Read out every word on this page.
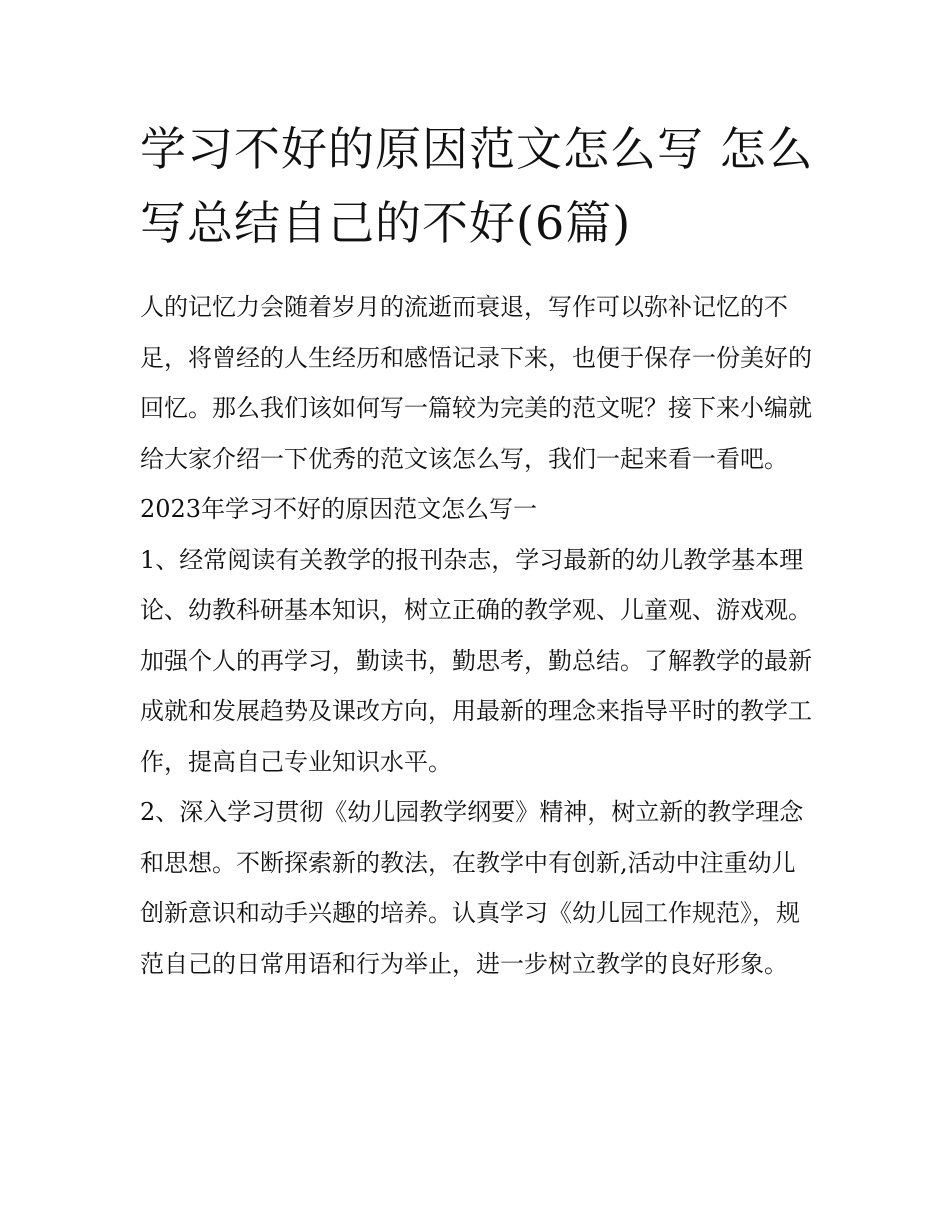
学习不好的原因范文怎么写 怎么写总结自己的不好(6篇)

人的记忆力会随着岁月的流逝而衰退，写作可以弥补记忆的不足，将曾经的人生经历和感悟记录下来，也便于保存一份美好的回忆。那么我们该如何写一篇较为完美的范文呢？接下来小编就给大家介绍一下优秀的范文该怎么写，我们一起来看一看吧。

2023年学习不好的原因范文怎么写一

1、经常阅读有关教学的报刊杂志，学习最新的幼儿教学基本理论、幼教科研基本知识，树立正确的教学观、儿童观、游戏观。加强个人的再学习，勤读书，勤思考，勤总结。了解教学的最新成就和发展趋势及课改方向，用最新的理念来指导平时的教学工作，提高自己专业知识水平。

2、深入学习贯彻《幼儿园教学纲要》精神，树立新的教学理念和思想。不断探索新的教法，在教学中有创新,活动中注重幼儿创新意识和动手兴趣的培养。认真学习《幼儿园工作规范》，规范自己的日常用语和行为举止，进一步树立教学的良好形象。
